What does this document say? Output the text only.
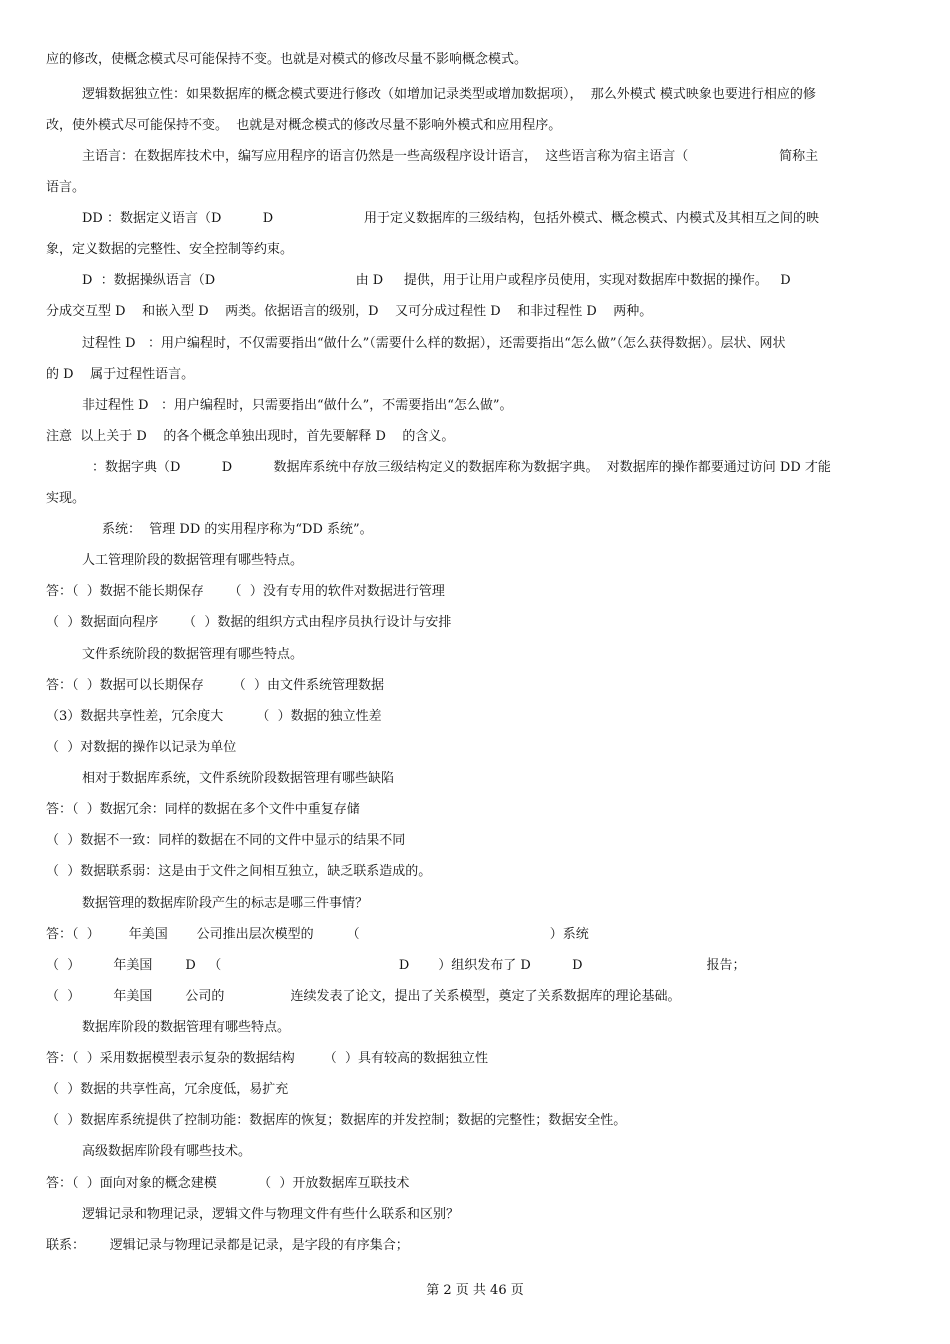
应的修改，使概念模式尽可能保持不变。也就是对模式的修改尽量不影响概念模式。
逻辑数据独立性：如果数据库的概念模式要进行修改（如增加记录类型或增加数据项），  那么外模式 模式映象也要进行相应的修
改，使外模式尽可能保持不变。  也就是对概念模式的修改尽量不影响外模式和应用程序。
主语言：在数据库技术中，编写应用程序的语言仍然是一些高级程序设计语言，  这些语言称为宿主语言（                      简称主
语言。
DD ：数据定义语言（D          D                      用于定义数据库的三级结构，包括外模式、概念模式、内模式及其相互之间的映
象，定义数据的完整性、安全控制等约束。
D  ：数据操纵语言（D                                  由 D     提供，用于让用户或程序员使用，实现对数据库中数据的操作。   D
分成交互型 D    和嵌入型 D    两类。依据语言的级别，D    又可分成过程性 D    和非过程性 D    两种。
过程性 D   ：用户编程时，不仅需要指出“做什么”（需要什么样的数据），还需要指出“怎么做”（怎么获得数据）。层状、网状
的 D    属于过程性语言。
非过程性 D   ：用户编程时，只需要指出“做什么”，不需要指出“怎么做”。
注意  以上关于 D    的各个概念单独出现时，首先要解释 D    的含义。
：数据字典（D          D          数据库系统中存放三级结构定义的数据库称为数据字典。  对数据库的操作都要通过访问 DD 才能
实现。
系统：  管理 DD 的实用程序称为“DD 系统”。
人工管理阶段的数据管理有哪些特点。
答：（  ）数据不能长期保存      （  ）没有专用的软件对数据进行管理
（  ）数据面向程序      （  ）数据的组织方式由程序员执行设计与安排
文件系统阶段的数据管理有哪些特点。
答：（  ）数据可以长期保存       （  ）由文件系统管理数据
（3）数据共享性差，冗余度大        （  ）数据的独立性差
（  ）对数据的操作以记录为单位
相对于数据库系统，文件系统阶段数据管理有哪些缺陷
答：（  ）数据冗余：同样的数据在多个文件中重复存储
（  ）数据不一致：同样的数据在不同的文件中显示的结果不同
（  ）数据联系弱：这是由于文件之间相互独立，缺乏联系造成的。
数据管理的数据库阶段产生的标志是哪三件事情？
答：（  ）       年美国       公司推出层次模型的        （                                              ）系统
（  ）        年美国        D   （                                           D       ）组织发布了 D          D                              报告；
（  ）        年美国        公司的                连续发表了论文，提出了关系模型，奠定了关系数据库的理论基础。
数据库阶段的数据管理有哪些特点。
答：（  ）采用数据模型表示复杂的数据结构       （  ）具有较高的数据独立性
（  ）数据的共享性高，冗余度低，易扩充
（  ）数据库系统提供了控制功能：数据库的恢复；数据库的并发控制；数据的完整性；数据安全性。
高级数据库阶段有哪些技术。
答：（  ）面向对象的概念建模          （  ）开放数据库互联技术
逻辑记录和物理记录，逻辑文件与物理文件有些什么联系和区别？
联系：      逻辑记录与物理记录都是记录，是字段的有序集合；
第 2 页 共 46 页
